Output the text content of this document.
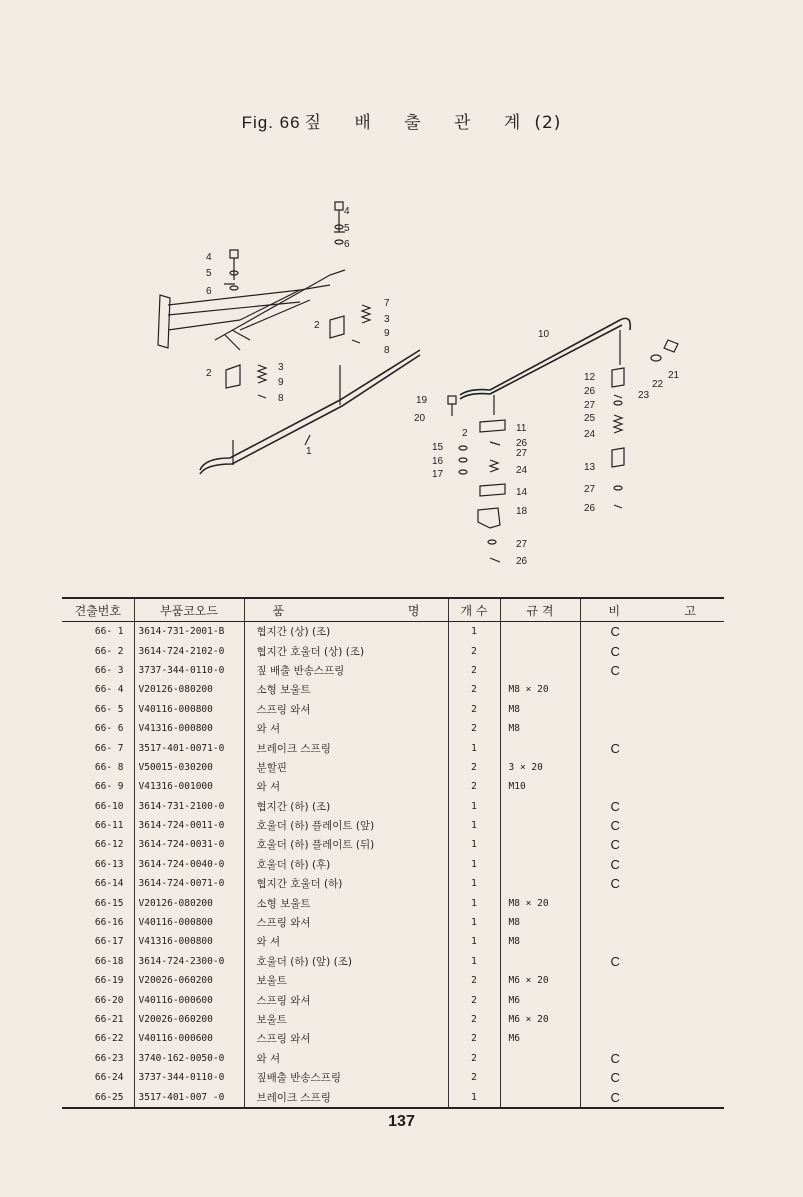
Fig. 66 짚 배 출 관 계(2)
4
5
6
4
5
6
7
3
9
8
2
3
9
8
2
1
10
12
26
27
25
24
13
27
26
21
22
23
19
20
2	11
26
27
24
14
18
27
26
15
16
17
견출번호	부품코오드	품 명	개 수	규 격	비 고

66- 1	3614-731-2001-B	협지간 (상) (조)	1		C
66- 2	3614-724-2102-0	협지간 호울더 (상) (조)	2		C
66- 3	3737-344-0110-0	짚 배출 반송스프링	2		C
66- 4	V20126-080200	소형 보울트	2	M8 × 20	
66- 5	V40116-000800	스프링 와셔	2	M8	
66- 6	V41316-000800	와 셔	2	M8	
66- 7	3517-401-0071-0	브레이크 스프링	1		C
66- 8	V50015-030200	분할핀	2	3 × 20	
66- 9	V41316-001000	와 셔	2	M10	
66-10	3614-731-2100-0	협지간 (하) (조)	1		C
66-11	3614-724-0011-0	호울더 (하) 플레이트 (앞)	1		C
66-12	3614-724-0031-0	호울더 (하) 플레이트 (뒤)	1		C
66-13	3614-724-0040-0	호울더 (하) (후)	1		C
66-14	3614-724-0071-0	협지간 호울더 (하)	1		C
66-15	V20126-080200	소형 보울트	1	M8 × 20	
66-16	V40116-000800	스프링 와셔	1	M8	
66-17	V41316-000800	와 셔	1	M8	
66-18	3614-724-2300-0	호울더 (하) (앞) (조)	1		C
66-19	V20026-060200	보울트	2	M6 × 20	
66-20	V40116-000600	스프링 와셔	2	M6	
66-21	V20026-060200	보울트	2	M6 × 20	
66-22	V40116-000600	스프링 와셔	2	M6	
66-23	3740-162-0050-0	와 셔	2		C
66-24	3737-344-0110-0	짚배출 반송스프링	2		C
66-25	3517-401-007 -0	브레이크 스프링	1		C
137
